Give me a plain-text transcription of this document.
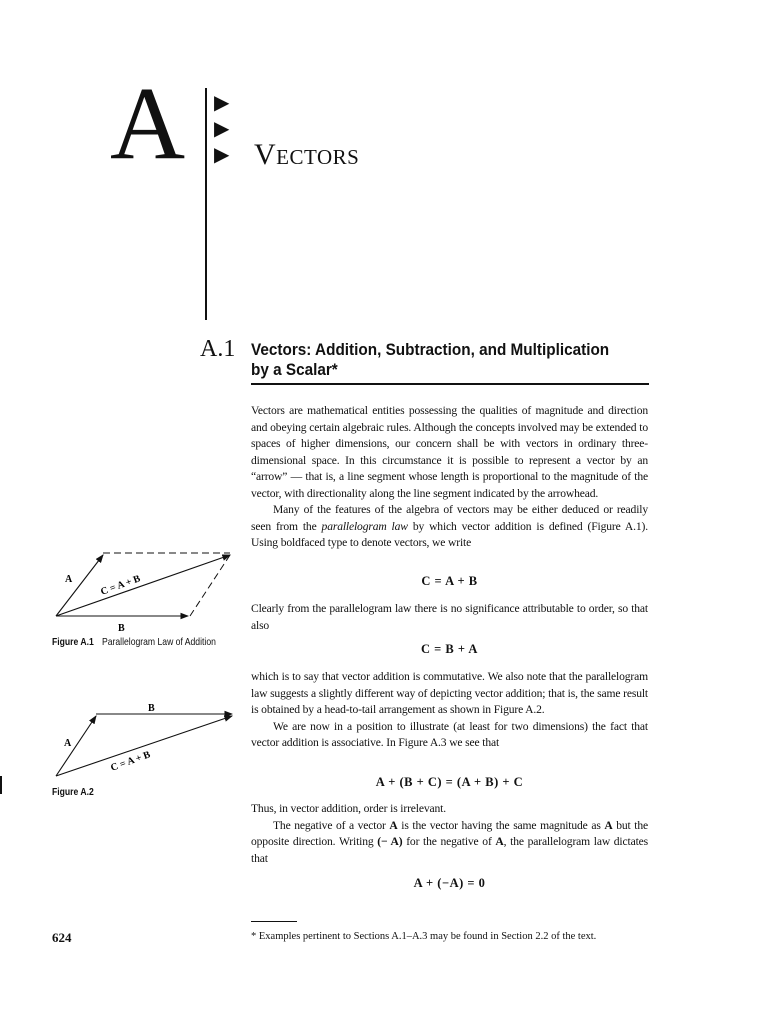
A ▶
▶
▶ Vectors
A.1 Vectors: Addition, Subtraction, and Multiplication
by a Scalar*

Vectors are mathematical entities possessing the qualities of magnitude and direction and obeying certain algebraic rules. Although the concepts involved may be extended to spaces of higher dimensions, our concern shall be with vectors in ordinary three-dimensional space. In this circumstance it is possible to represent a vector by an “arrow” — that is, a line segment whose length is proportional to the magnitude of the vector, with directionality along the line segment indicated by the arrowhead.

Many of the features of the algebra of vectors may be either deduced or readily seen from the parallelogram law by which vector addition is defined (Figure A.1). Using boldfaced type to denote vectors, we write

C = A + B

Clearly from the parallelogram law there is no significance attributable to order, so that also

C = B + A

which is to say that vector addition is commutative. We also note that the parallelogram law suggests a slightly different way of depicting vector addition; that is, the same result is obtained by a head-to-tail arrangement as shown in Figure A.2.

We are now in a position to illustrate (at least for two dimensions) the fact that vector addition is associative. In Figure A.3 we see that

A + (B + C) = (A + B) + C

Thus, in vector addition, order is irrelevant.

The negative of a vector A is the vector having the same magnitude as A but the opposite direction. Writing (− A) for the negative of A, the parallelogram law dictates that

A + (−A) = 0
A
B
C = A + B
Figure A.1 Parallelogram Law of Addition
A
B
C = A + B
Figure A.2
624	* Examples pertinent to Sections A.1–A.3 may be found in Section 2.2 of the text.
